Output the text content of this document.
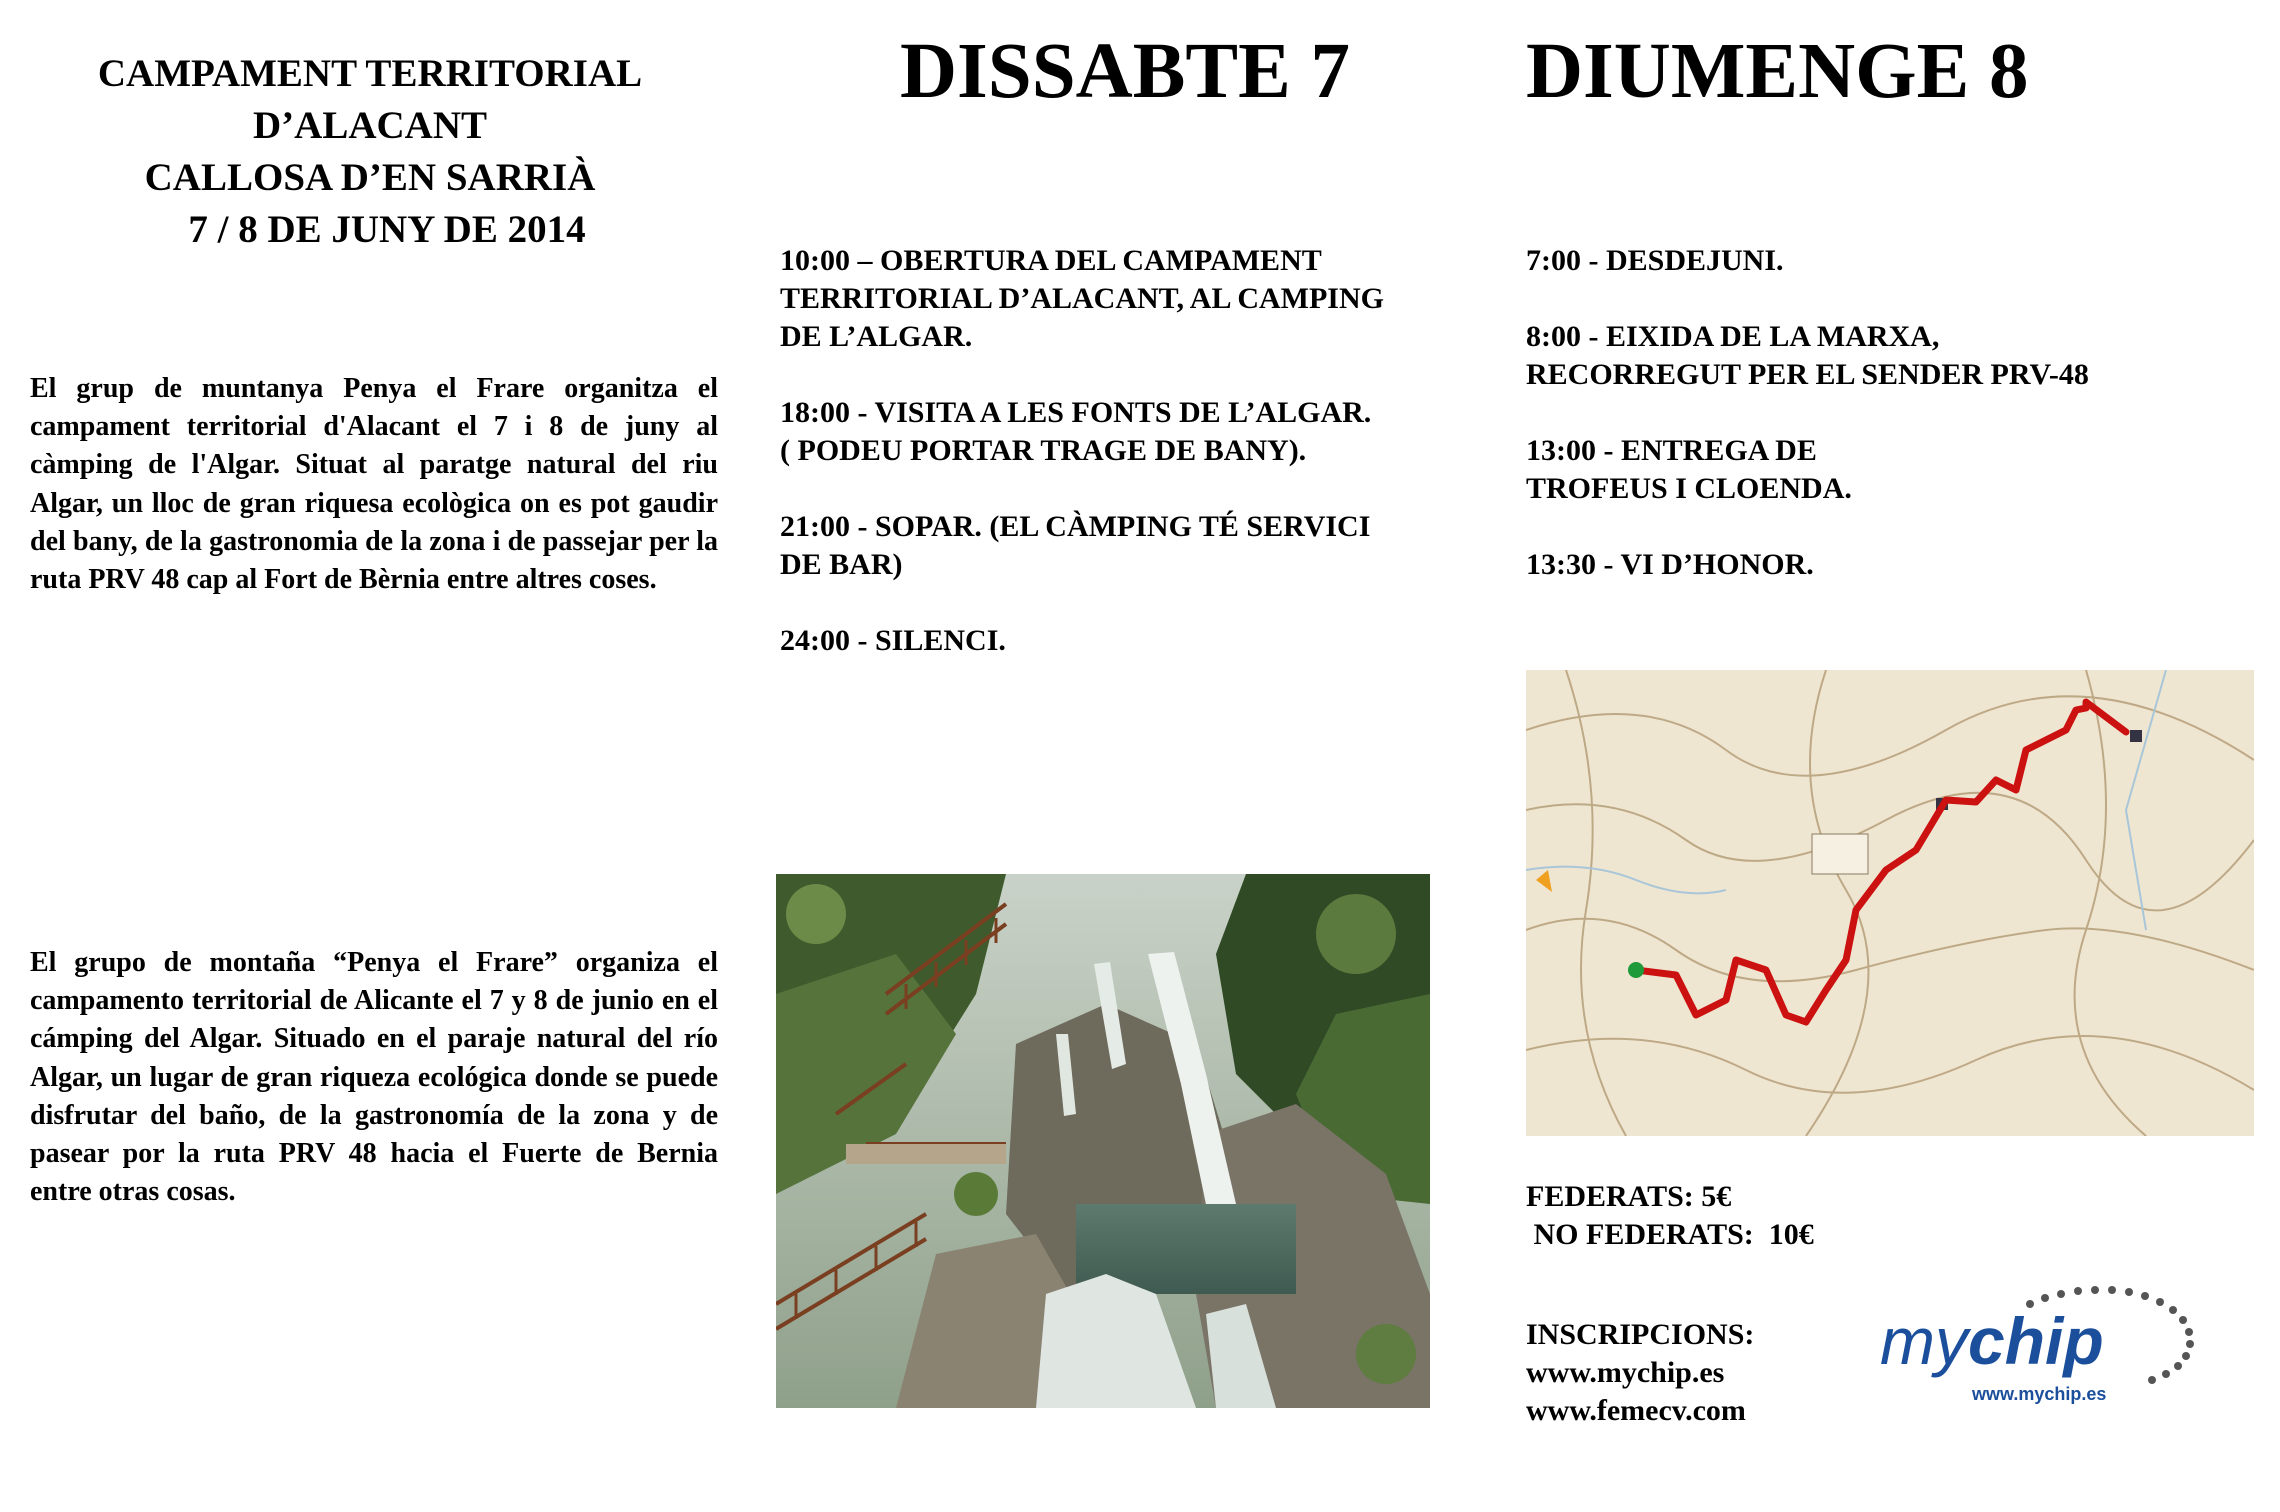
CAMPAMENT TERRITORIAL
D’ALACANT
CALLOSA D’EN SARRIÀ
7 / 8 DE JUNY DE 2014
DISSABTE 7 DIUMENGE 8

El grup de muntanya Penya el Frare organitza el campament territorial d'Alacant el 7 i 8 de juny al càmping de l'Algar. Situat al paratge natural del riu Algar, un lloc de gran riquesa ecològica on es pot gaudir del bany, de la gastronomia de la zona i de passejar per la ruta PRV 48 cap al Fort de Bèrnia entre altres coses.

El grupo de montaña “Penya el Frare” organiza el campamento territorial de Alicante el 7 y 8 de junio en el cámping del Algar. Situado en el paraje natural del río Algar, un lugar de gran riqueza ecológica donde se puede disfrutar del baño, de la gastronomía de la zona y de pasear por la ruta PRV 48 hacia el Fuerte de Bernia entre otras cosas.

10:00 – OBERTURA DEL CAMPAMENT
TERRITORIAL D’ALACANT, AL CAMPING
DE L’ALGAR.
18:00 - VISITA A LES FONTS DE L’ALGAR.
( PODEU PORTAR TRAGE DE BANY).
21:00 - SOPAR. (EL CÀMPING TÉ SERVICI
DE BAR)
24:00 - SILENCI.
7:00 - DESDEJUNI.
8:00 - EIXIDA DE LA MARXA,
RECORREGUT PER EL SENDER PRV-48
13:00 - ENTREGA DE
TROFEUS I CLOENDA.
13:30 - VI D’HONOR.
FEDERATS: 5€
NO FEDERATS:  10€
INSCRIPCIONS:
www.mychip.es
www.femecv.com
mychip
www.mychip.es
